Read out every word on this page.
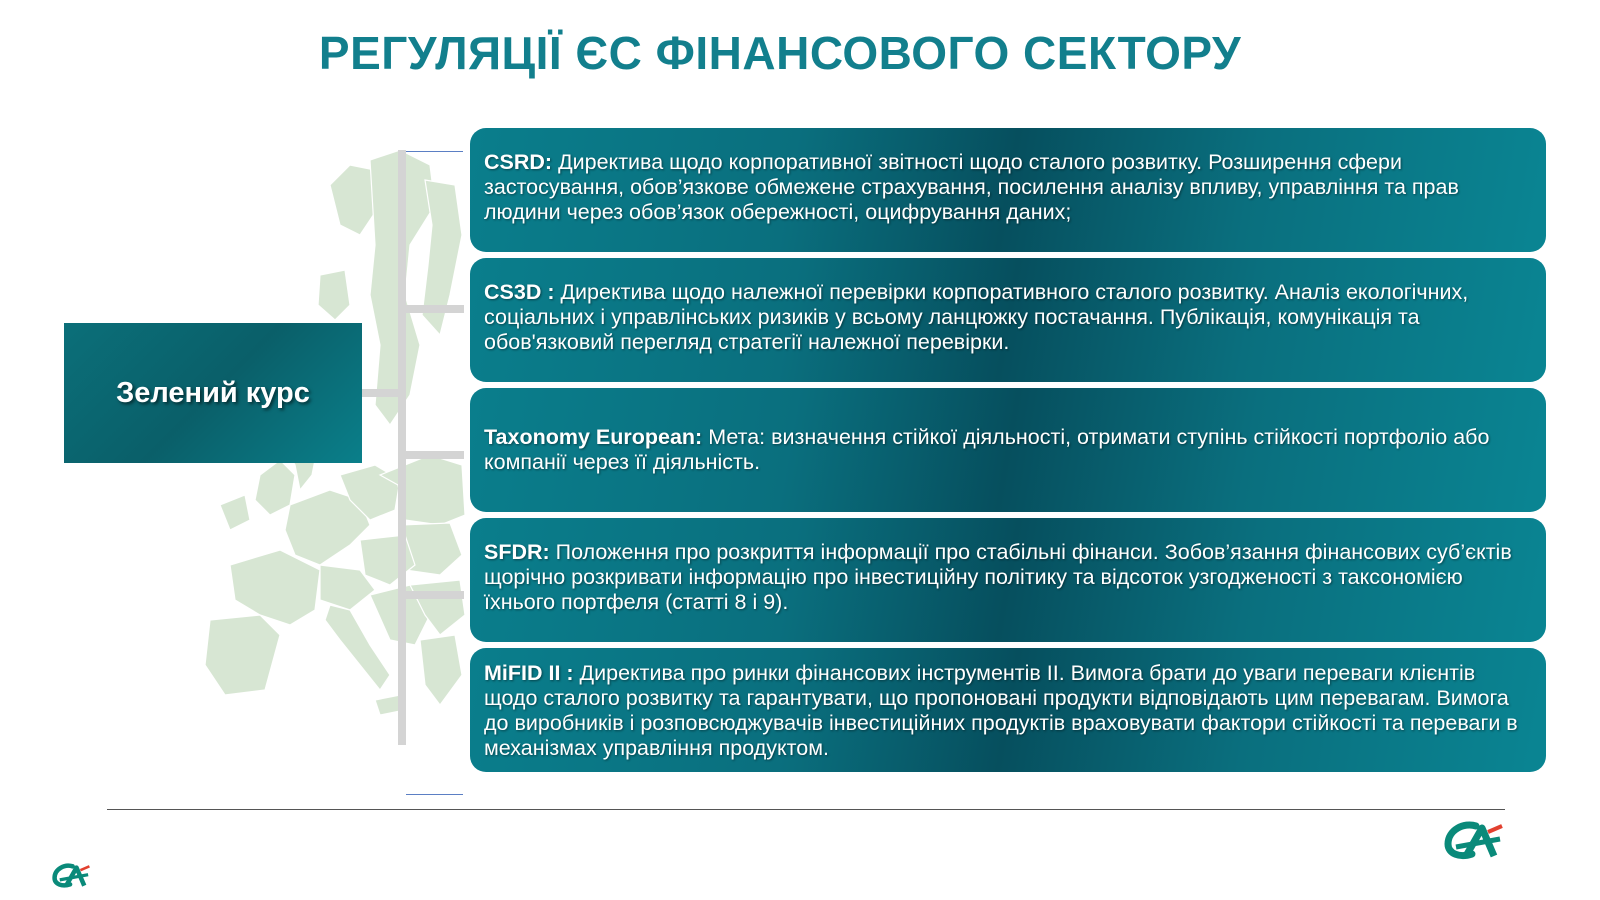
РЕГУЛЯЦІЇ ЄС ФІНАНСОВОГО СЕКТОРУ
Зелений курс
CSRD: Директива щодо корпоративної звітності щодо сталого розвитку. Розширення сфери застосування, обов’язкове обмежене страхування, посилення аналізу впливу, управління та прав людини через обов’язок обережності, оцифрування даних;
CS3D : Директива щодо належної перевірки корпоративного сталого розвитку. Аналіз екологічних, соціальних і управлінських ризиків у всьому ланцюжку постачання. Публікація, комунікація та обов'язковий перегляд стратегії належної перевірки.
Taxonomy European: Мета: визначення стійкої діяльності, отримати ступінь стійкості портфоліо або компанії через її діяльність.
SFDR: Положення про розкриття інформації про стабільні фінанси. Зобов’язання фінансових суб’єктів щорічно розкривати інформацію про інвестиційну політику та відсоток узгодженості з таксономією їхнього портфеля (статті 8 і 9).
MiFID II : Директива про ринки фінансових інструментів II. Вимога брати до уваги переваги клієнтів щодо сталого розвитку та гарантувати, що пропоновані продукти відповідають цим перевагам. Вимога до виробників і розповсюджувачів інвестиційних продуктів враховувати фактори стійкості та переваги в механізмах управління продуктом.
